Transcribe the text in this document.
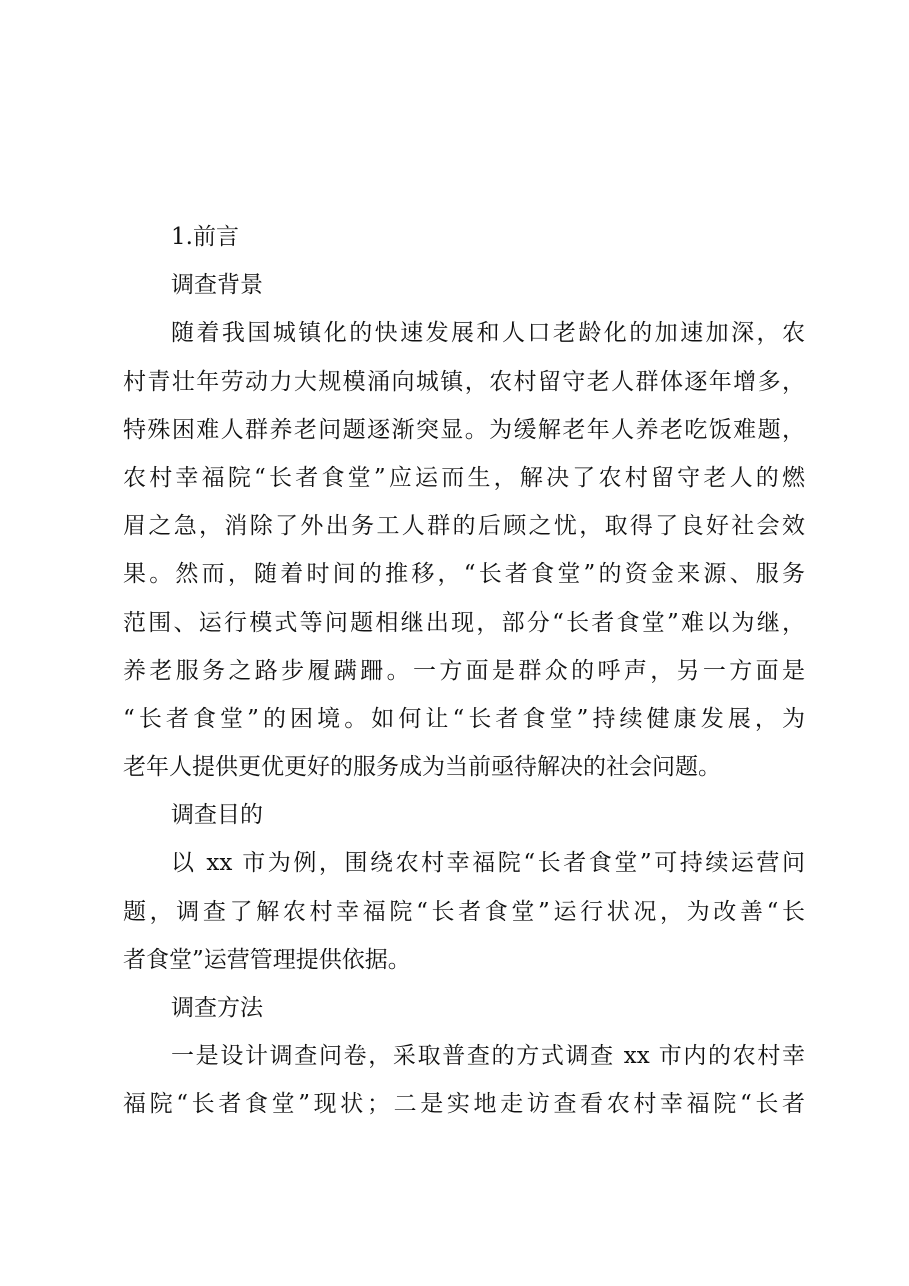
1.前言
调查背景
随着我国城镇化的快速发展和人口老龄化的加速加深，农
村青壮年劳动力大规模涌向城镇，农村留守老人群体逐年增多，
特殊困难人群养老问题逐渐突显。为缓解老年人养老吃饭难题，
农村幸福院“长者食堂”应运而生，解决了农村留守老人的燃
眉之急，消除了外出务工人群的后顾之忧，取得了良好社会效
果。然而，随着时间的推移，“长者食堂”的资金来源、服务
范围、运行模式等问题相继出现，部分“长者食堂”难以为继，
养老服务之路步履蹒跚。一方面是群众的呼声，另一方面是
“长者食堂”的困境。如何让“长者食堂”持续健康发展，为
老年人提供更优更好的服务成为当前亟待解决的社会问题。
调查目的
以 xx 市为例，围绕农村幸福院“长者食堂”可持续运营问
题，调查了解农村幸福院“长者食堂”运行状况，为改善“长
者食堂”运营管理提供依据。
调查方法
一是设计调查问卷，采取普查的方式调查 xx 市内的农村幸
福院“长者食堂”现状；二是实地走访查看农村幸福院“长者
